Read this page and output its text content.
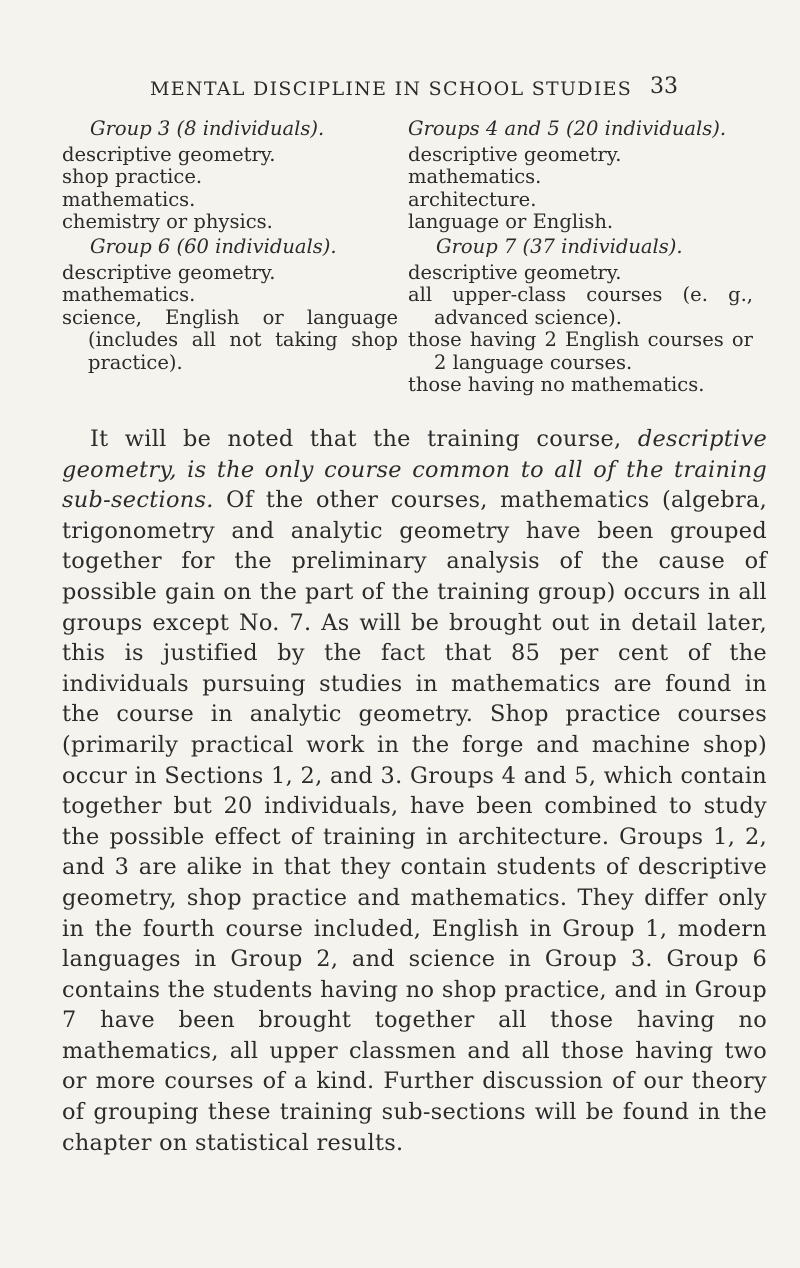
MENTAL DISCIPLINE IN SCHOOL STUDIES 33
Group 3 (8 individuals).
descriptive geometry.
shop practice.
mathematics.
chemistry or physics.
Groups 4 and 5 (20 individuals).
descriptive geometry.
mathematics.
architecture.
language or English.
Group 6 (60 individuals).
descriptive geometry.
mathematics.
science, English or language (includes all not taking shop practice).
Group 7 (37 individuals).
descriptive geometry.
all upper-class courses (e. g., advanced science).
those having 2 English courses or 2 language courses.
those having no mathematics.

It will be noted that the training course, descriptive geometry, is the only course common to all of the training sub-sections. Of the other courses, mathematics (algebra, trigonometry and analytic geometry have been grouped together for the preliminary analysis of the cause of possible gain on the part of the training group) occurs in all groups except No. 7. As will be brought out in detail later, this is justified by the fact that 85 per cent of the individuals pursuing studies in mathematics are found in the course in analytic geometry. Shop practice courses (primarily practical work in the forge and machine shop) occur in Sections 1, 2, and 3. Groups 4 and 5, which contain together but 20 individuals, have been combined to study the possible effect of training in architecture. Groups 1, 2, and 3 are alike in that they contain students of descriptive geometry, shop practice and mathematics. They differ only in the fourth course included, English in Group 1, modern languages in Group 2, and science in Group 3. Group 6 contains the students having no shop practice, and in Group 7 have been brought together all those having no mathematics, all upper classmen and all those having two or more courses of a kind. Further discussion of our theory of grouping these training sub-sections will be found in the chapter on statistical results.
